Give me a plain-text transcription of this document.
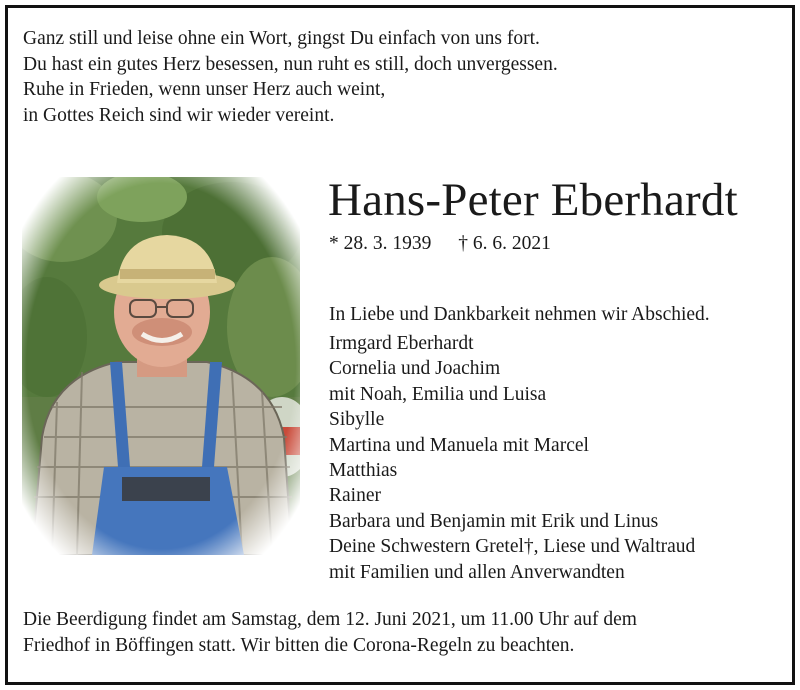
Ganz still und leise ohne ein Wort, gingst Du einfach von uns fort.
Du hast ein gutes Herz besessen, nun ruht es still, doch unvergessen.
Ruhe in Frieden, wenn unser Herz auch weint,
in Gottes Reich sind wir wieder vereint.
Hans-Peter Eberhardt
* 28. 3. 1939 † 6. 6. 2021
In Liebe und Dankbarkeit nehmen wir Abschied.
Irmgard Eberhardt
Cornelia und Joachim
mit Noah, Emilia und Luisa
Sibylle
Martina und Manuela mit Marcel
Matthias
Rainer
Barbara und Benjamin mit Erik und Linus
Deine Schwestern Gretel†, Liese und Waltraud
mit Familien und allen Anverwandten
Die Beerdigung findet am Samstag, dem 12. Juni 2021, um 11.00 Uhr auf dem
Friedhof in Böffingen statt. Wir bitten die Corona-Regeln zu beachten.
